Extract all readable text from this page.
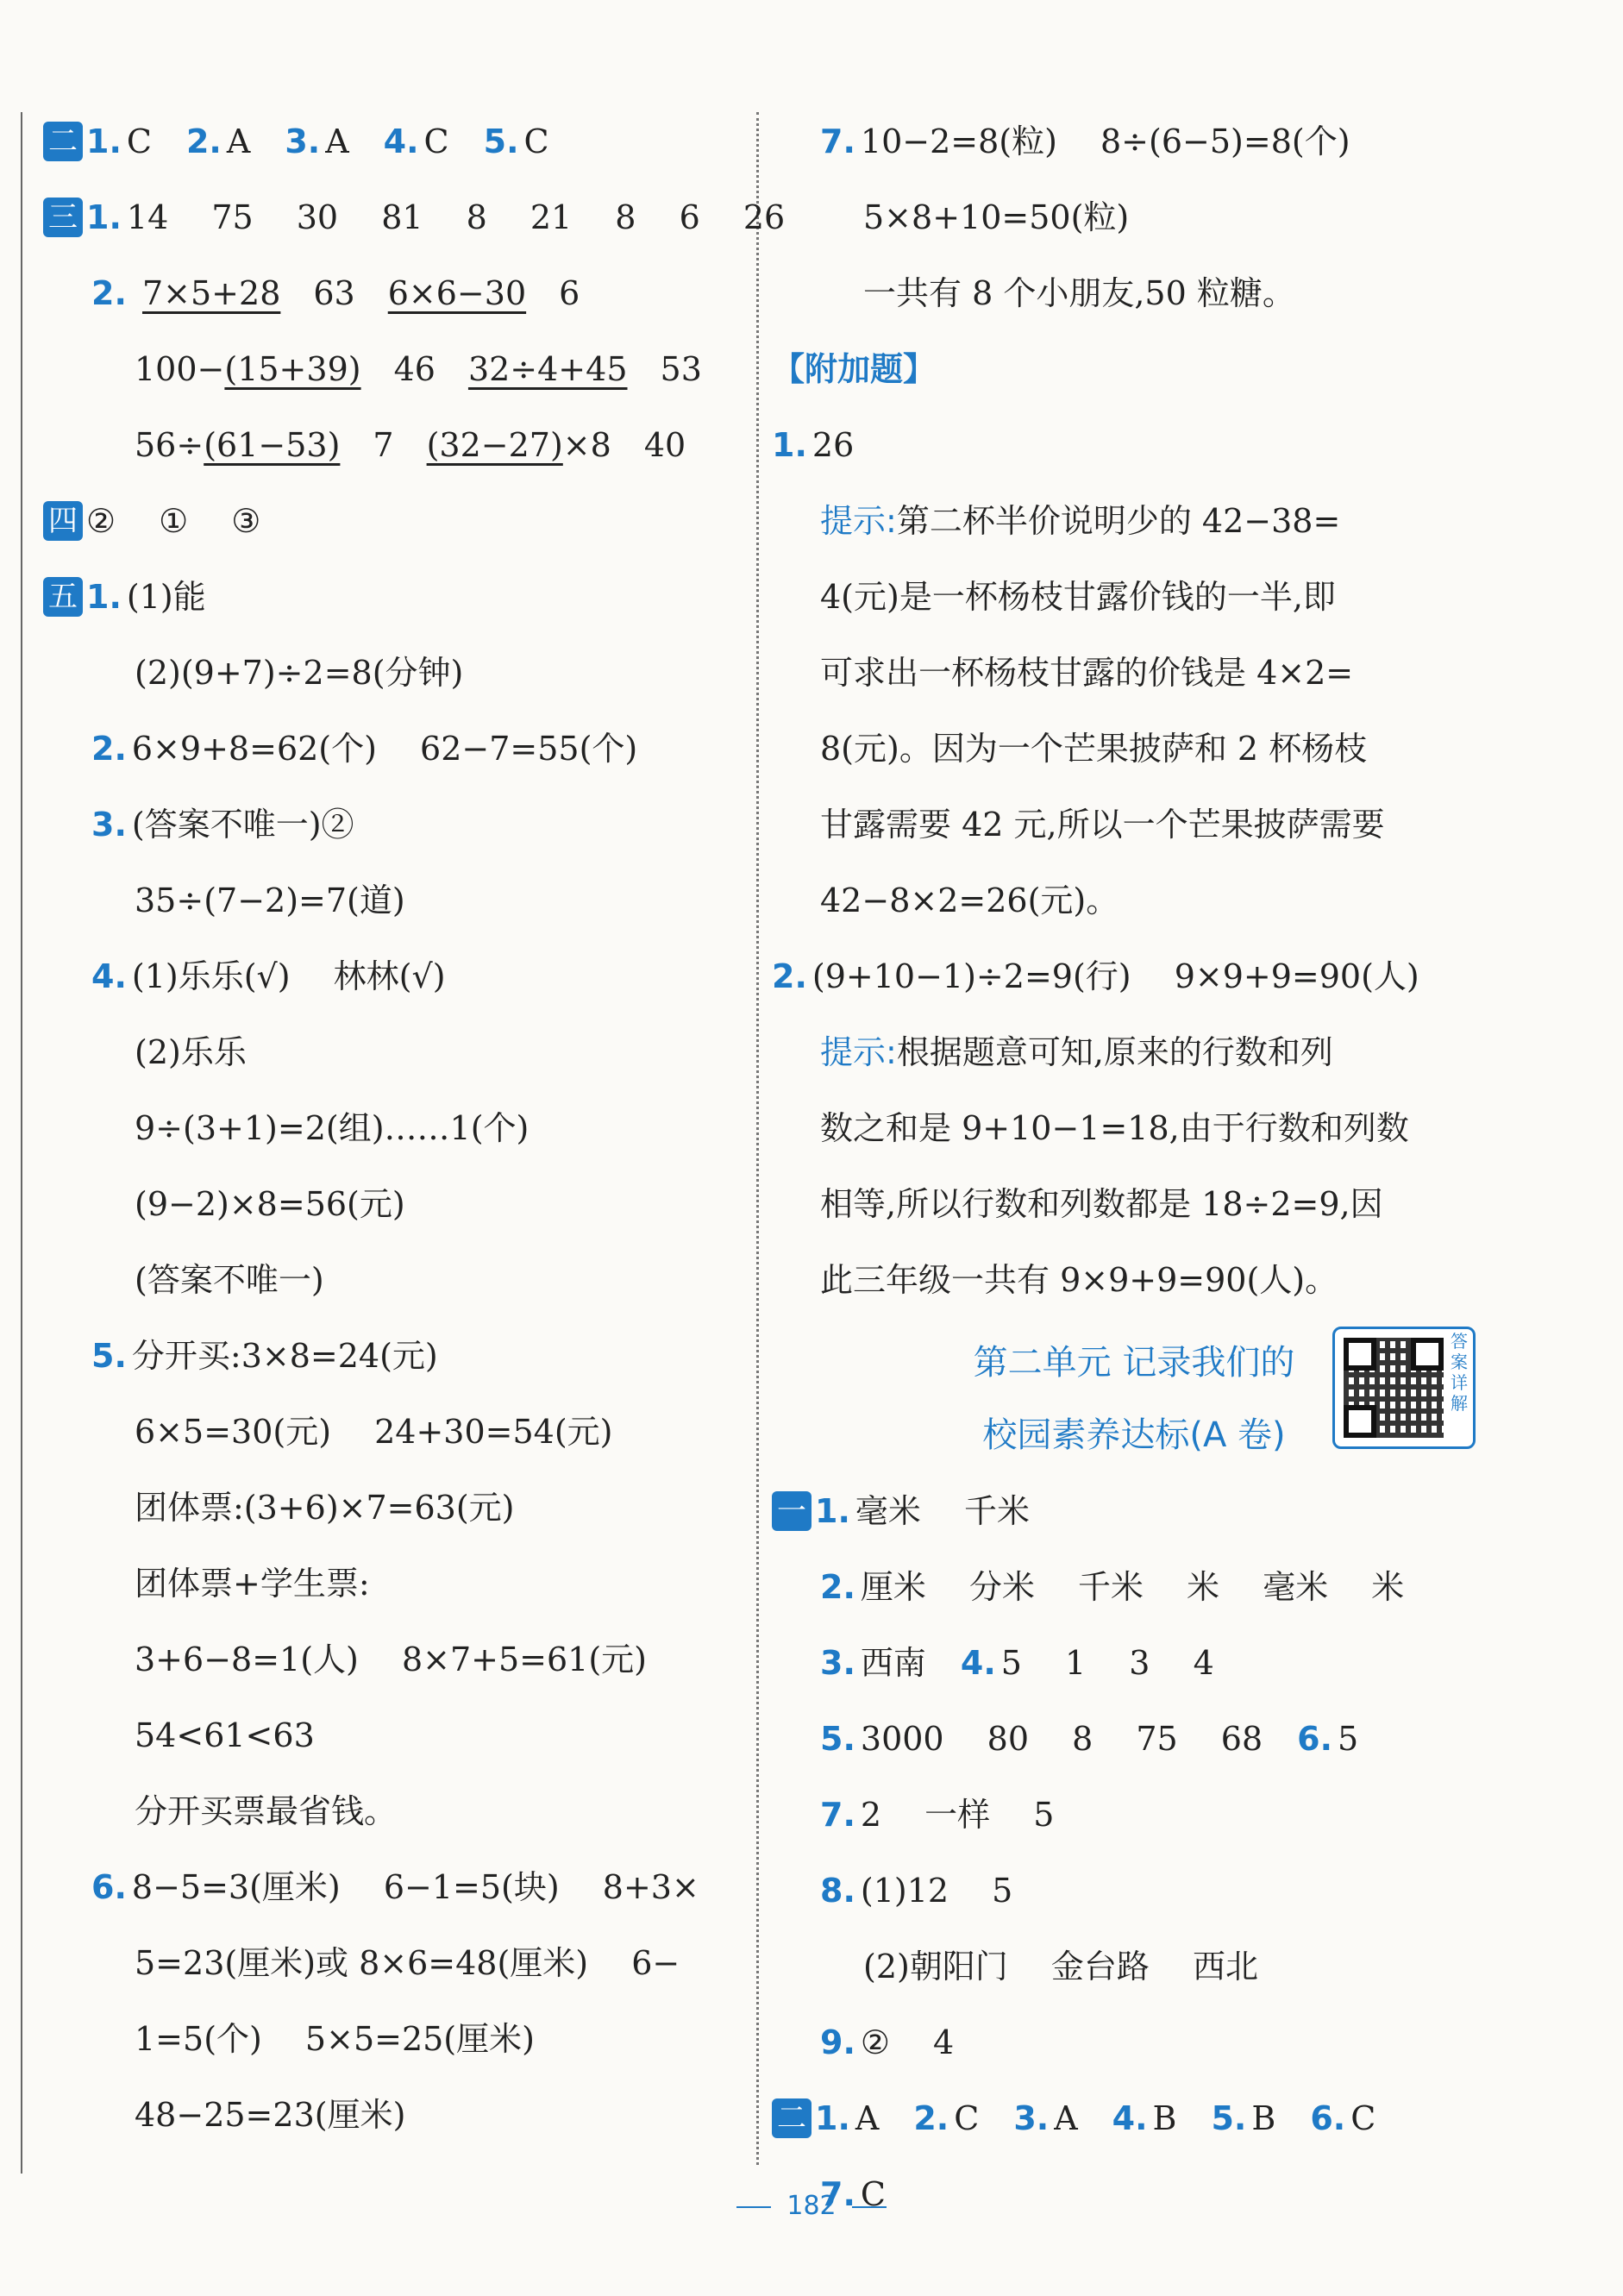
二 1. C 2. A 3. A 4. C 5. C
三 1. 14　 75　 30　 81　 8　 21　 8　 6　 26
2. 7×5+28　63　6×6−30　6
100−(15+39)　46　32÷4+45　53
56÷(61−53)　7　(32−27)×8　40
四 ②　 ①　 ③
五 1. (1)能
(2)(9+7)÷2=8(分钟)
2. 6×9+8=62(个)　 62−7=55(个)
3. (答案不唯一)②
35÷(7−2)=7(道)
4. (1)乐乐(√)　 林林(√)
(2)乐乐
9÷(3+1)=2(组)……1(个)
(9−2)×8=56(元)
(答案不唯一)
5. 分开买:3×8=24(元)
6×5=30(元)　 24+30=54(元)
团体票:(3+6)×7=63(元)
团体票+学生票:
3+6−8=1(人)　 8×7+5=61(元)
54<61<63
分开买票最省钱。
6. 8−5=3(厘米)　 6−1=5(块)　 8+3×
5=23(厘米)或 8×6=48(厘米)　 6−
1=5(个)　 5×5=25(厘米)
48−25=23(厘米)
7. 10−2=8(粒)　 8÷(6−5)=8(个)
5×8+10=50(粒)
一共有 8 个小朋友,50 粒糖。
【附加题】
1. 26
提示:第二杯半价说明少的 42−38=
4(元)是一杯杨枝甘露价钱的一半,即
可求出一杯杨枝甘露的价钱是 4×2=
8(元)。因为一个芒果披萨和 2 杯杨枝
甘露需要 42 元,所以一个芒果披萨需要
42−8×2=26(元)。
2. (9+10−1)÷2=9(行)　 9×9+9=90(人)
提示:根据题意可知,原来的行数和列
数之和是 9+10−1=18,由于行数和列数
相等,所以行数和列数都是 18÷2=9,因
此三年级一共有 9×9+9=90(人)。
第二单元 记录我们的
校园素养达标(A 卷)
答案详解
一 1. 毫米　 千米
2. 厘米　 分米　 千米　 米　 毫米　 米
3. 西南 4. 5　 1　 3　 4
5. 3000　 80　 8　 75　 68 6. 5
7. 2　 一样　 5
8. (1)12　 5
(2)朝阳门　 金台路　 西北
9. ②　 4
二 1. A 2. C 3. A 4. B 5. B 6. C
7. C
182
